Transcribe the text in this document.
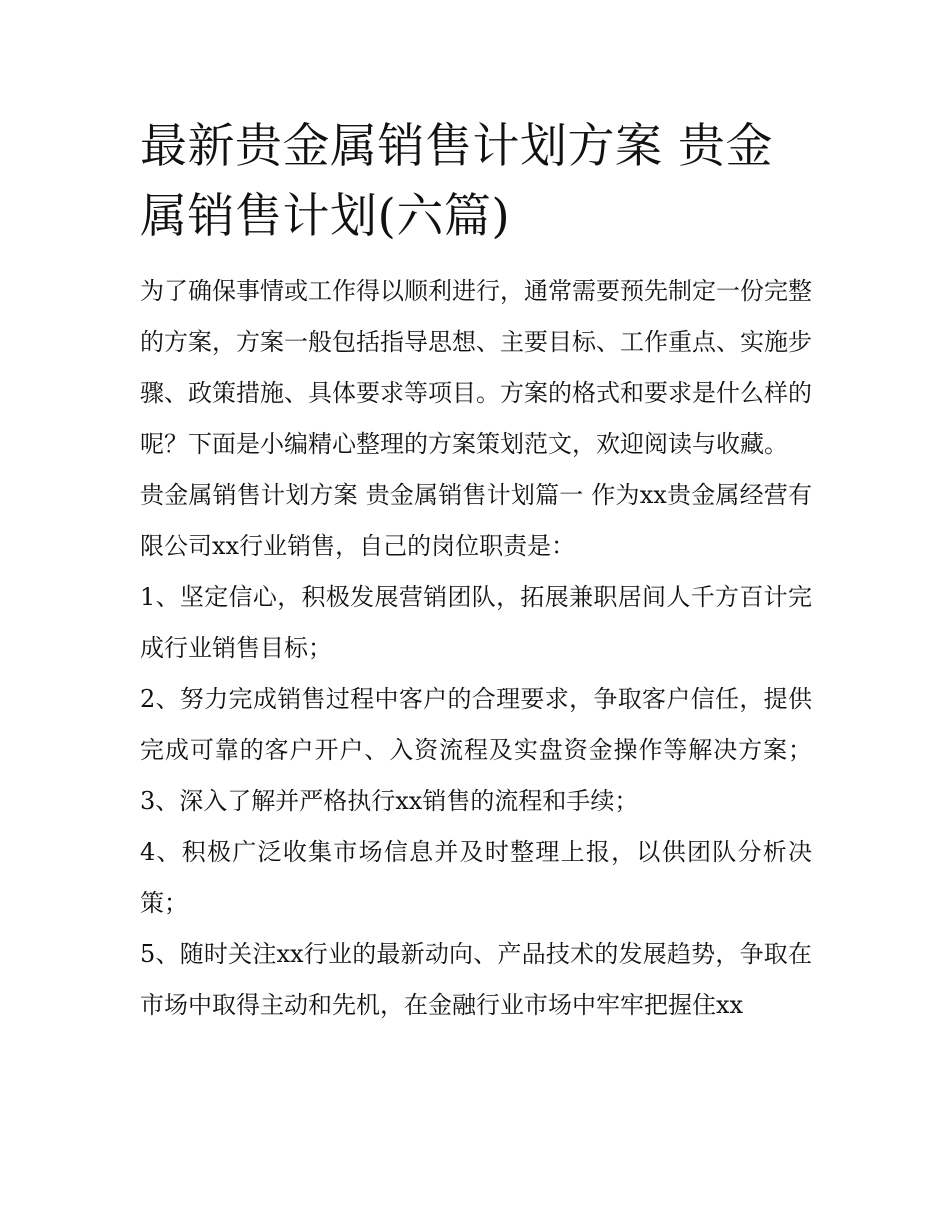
最新贵金属销售计划方案 贵金属销售计划(六篇)

为了确保事情或工作得以顺利进行，通常需要预先制定一份完整的方案，方案一般包括指导思想、主要目标、工作重点、实施步骤、政策措施、具体要求等项目。方案的格式和要求是什么样的呢？下面是小编精心整理的方案策划范文，欢迎阅读与收藏。

贵金属销售计划方案 贵金属销售计划篇一 作为xx贵金属经营有限公司xx行业销售，自己的岗位职责是：

1、坚定信心，积极发展营销团队，拓展兼职居间人千方百计完成行业销售目标；

2、努力完成销售过程中客户的合理要求，争取客户信任，提供完成可靠的客户开户、入资流程及实盘资金操作等解决方案； 3、深入了解并严格执行xx销售的流程和手续；

4、积极广泛收集市场信息并及时整理上报，以供团队分析决策；

5、随时关注xx行业的最新动向、产品技术的发展趋势，争取在市场中取得主动和先机，在金融行业市场中牢牢把握住xx
